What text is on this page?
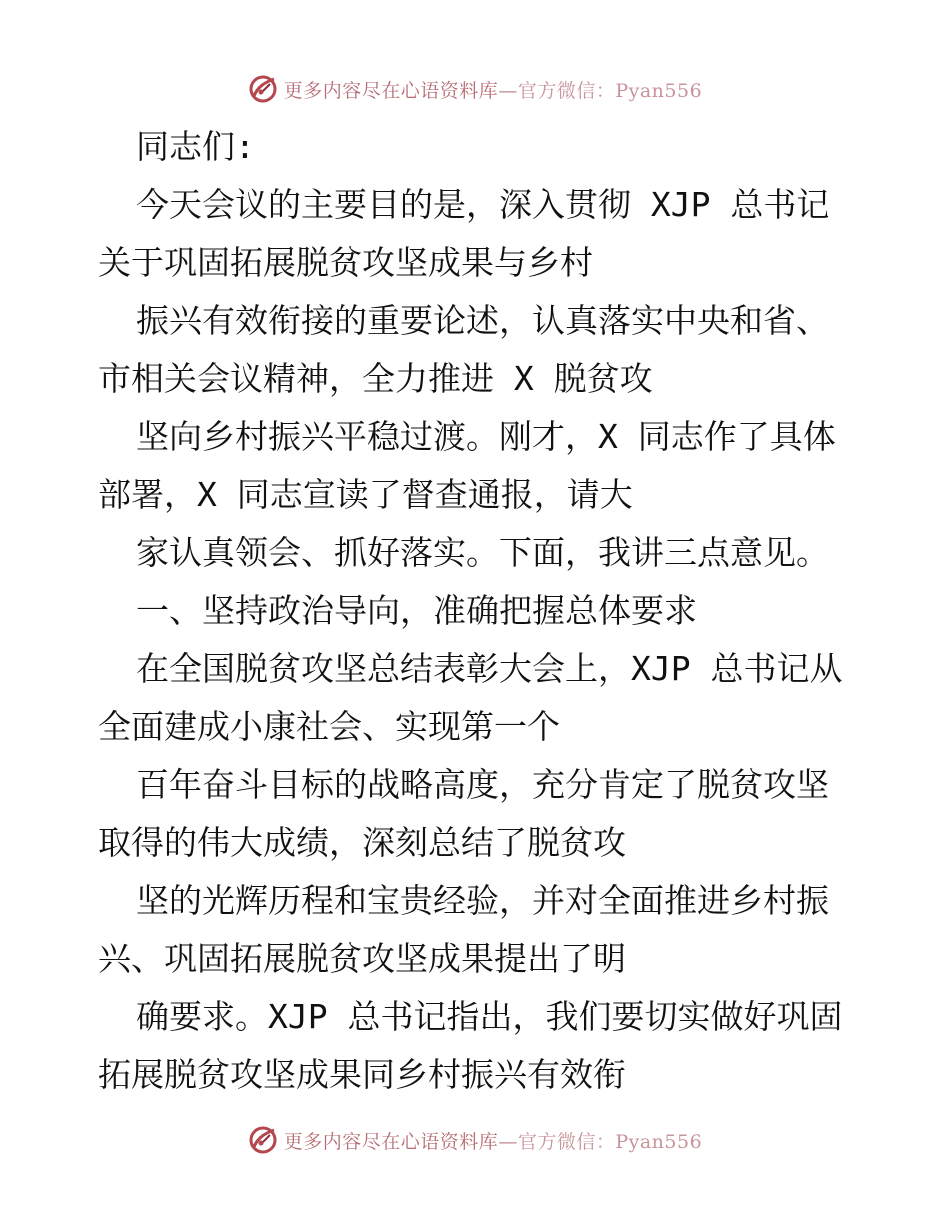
更多内容尽在心语资料库—官方微信：Pyan556
同志们:
今天会议的主要目的是，深入贯彻 XJP 总书记
关于巩固拓展脱贫攻坚成果与乡村
振兴有效衔接的重要论述，认真落实中央和省、
市相关会议精神，全力推进 X 脱贫攻
坚向乡村振兴平稳过渡。刚才，X 同志作了具体
部署，X 同志宣读了督查通报，请大
家认真领会、抓好落实。下面，我讲三点意见。
一、坚持政治导向，准确把握总体要求
在全国脱贫攻坚总结表彰大会上，XJP 总书记从
全面建成小康社会、实现第一个
百年奋斗目标的战略高度，充分肯定了脱贫攻坚
取得的伟大成绩，深刻总结了脱贫攻
坚的光辉历程和宝贵经验，并对全面推进乡村振
兴、巩固拓展脱贫攻坚成果提出了明
确要求。XJP 总书记指出，我们要切实做好巩固
拓展脱贫攻坚成果同乡村振兴有效衔
更多内容尽在心语资料库—官方微信：Pyan556
